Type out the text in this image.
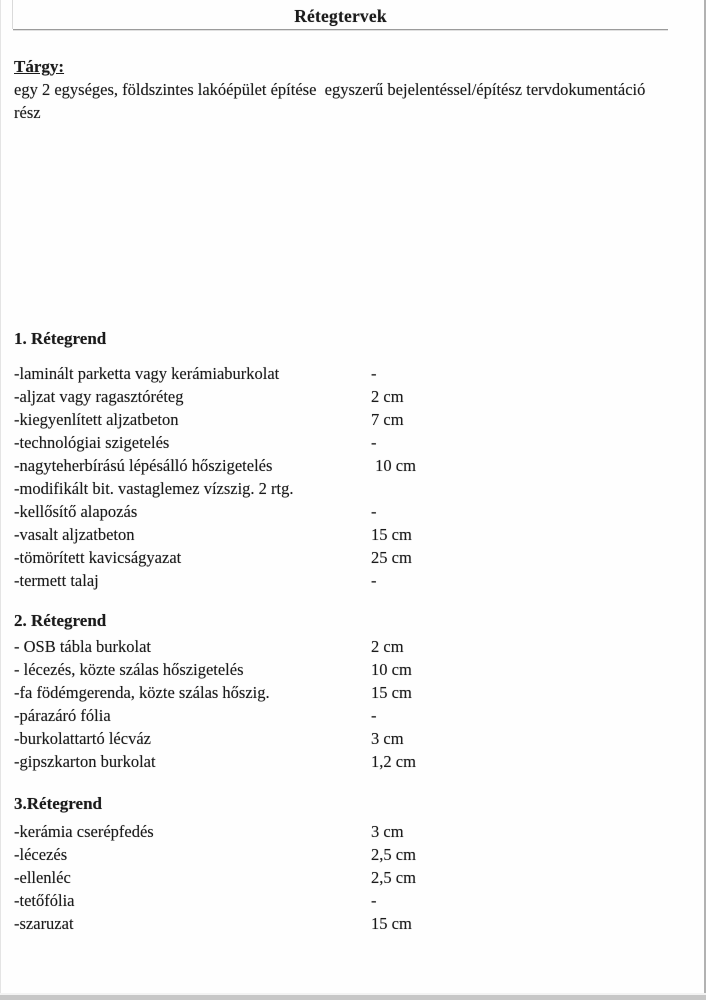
Rétegtervek
Tárgy:
egy 2 egységes, földszintes lakóépület építése  egyszerű bejelentéssel/építész tervdokumentáció rész
1. Rétegrend
-laminált parketta vagy kerámiaburkolat	-
-aljzat vagy ragasztóréteg	2 cm
-kiegyenlített aljzatbeton	7 cm
-technológiai szigetelés	-
-nagyteherbírású lépésálló hőszigetelés	10 cm
-modifikált bit. vastaglemez vízszig. 2 rtg.
-kellősítő alapozás	-
-vasalt aljzatbeton	15 cm
-tömörített kavicságyazat	25 cm
-termett talaj	-
2. Rétegrend
- OSB tábla burkolat	2 cm
- lécezés, közte szálas hőszigetelés	10 cm
-fa födémgerenda, közte szálas hőszig.	15 cm
-párazáró fólia	-
-burkolattartó lécváz	3 cm
-gipszkarton burkolat	1,2 cm
3.Rétegrend
-kerámia cserépfedés	3 cm
-lécezés	2,5 cm
-ellenléc	2,5 cm
-tetőfólia	-
-szaruzat	15 cm
